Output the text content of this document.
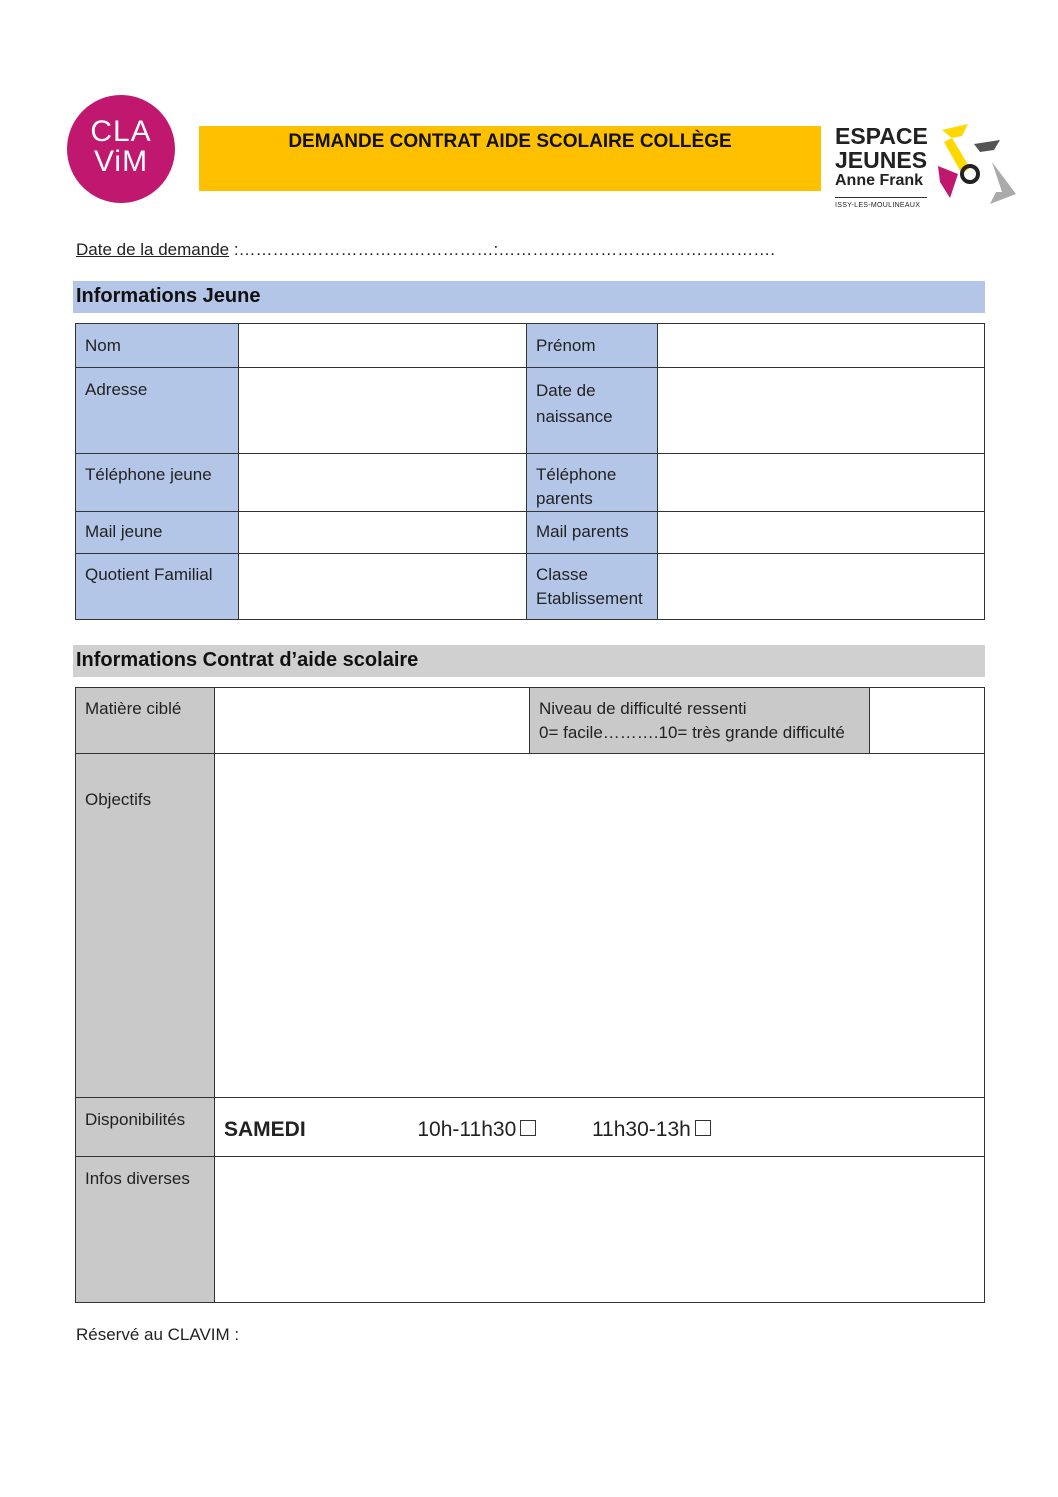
CLA
ViM
DEMANDE CONTRAT AIDE SCOLAIRE COLLÈGE	ESPACE
JEUNES
Anne Frank
ISSY-LES-MOULINEAUX
Date de la demande :………………………………………:………………………………………….
Informations Jeune
Nom		Prénom	
Adresse		Date de naissance	
Téléphone jeune		Téléphone parents	
Mail jeune		Mail parents	
Quotient Familial		Classe Etablissement	
Informations Contrat d’aide scolaire
Matière ciblé		Niveau de difficulté ressenti
0= facile……….10= très grande difficulté	

Objectifs			
Disponibilités	SAMEDI 10h-11h30 11h30-13h		
Infos diverses			
Réservé au CLAVIM :
